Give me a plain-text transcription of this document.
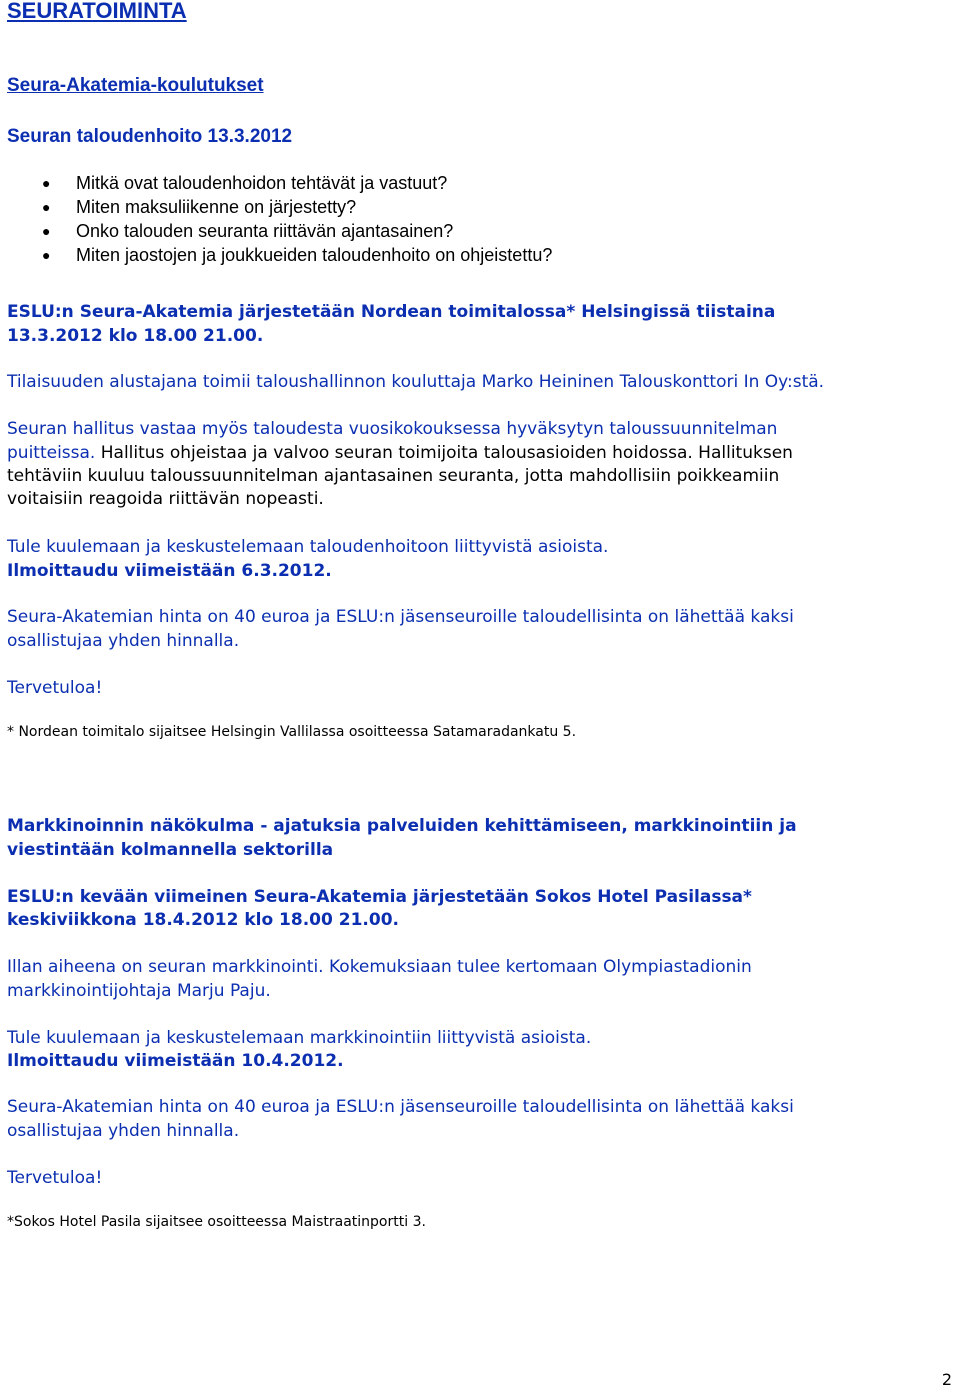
SEURATOIMINTA
Seura-Akatemia-koulutukset
Seuran taloudenhoito 13.3.2012
● Mitkä ovat taloudenhoidon tehtävät ja vastuut?
● Miten maksuliikenne on järjestetty?
● Onko talouden seuranta riittävän ajantasainen?
● Miten jaostojen ja joukkueiden taloudenhoito on ohjeistettu?
ESLU:n Seura-Akatemia järjestetään Nordean toimitalossa* Helsingissä tiistaina
13.3.2012 klo 18.00 21.00.
Tilaisuuden alustajana toimii taloushallinnon kouluttaja Marko Heininen Talouskonttori In Oy:stä.
Seuran hallitus vastaa myös taloudesta vuosikokouksessa hyväksytyn taloussuunnitelman
puitteissa. Hallitus ohjeistaa ja valvoo seuran toimijoita talousasioiden hoidossa. Hallituksen
tehtäviin kuuluu taloussuunnitelman ajantasainen seuranta, jotta mahdollisiin poikkeamiin
voitaisiin reagoida riittävän nopeasti.
Tule kuulemaan ja keskustelemaan taloudenhoitoon liittyvistä asioista.
Ilmoittaudu viimeistään 6.3.2012.
Seura-Akatemian hinta on 40 euroa ja ESLU:n jäsenseuroille taloudellisinta on lähettää kaksi
osallistujaa yhden hinnalla.
Tervetuloa!
* Nordean toimitalo sijaitsee Helsingin Vallilassa osoitteessa Satamaradankatu 5.
Markkinoinnin näkökulma - ajatuksia palveluiden kehittämiseen, markkinointiin ja
viestintään kolmannella sektorilla
ESLU:n kevään viimeinen Seura-Akatemia järjestetään Sokos Hotel Pasilassa*
keskiviikkona 18.4.2012 klo 18.00 21.00.
Illan aiheena on seuran markkinointi. Kokemuksiaan tulee kertomaan Olympiastadionin
markkinointijohtaja Marju Paju.
Tule kuulemaan ja keskustelemaan markkinointiin liittyvistä asioista.
Ilmoittaudu viimeistään 10.4.2012.
Seura-Akatemian hinta on 40 euroa ja ESLU:n jäsenseuroille taloudellisinta on lähettää kaksi
osallistujaa yhden hinnalla.
Tervetuloa!
*Sokos Hotel Pasila sijaitsee osoitteessa Maistraatinportti 3.
2
